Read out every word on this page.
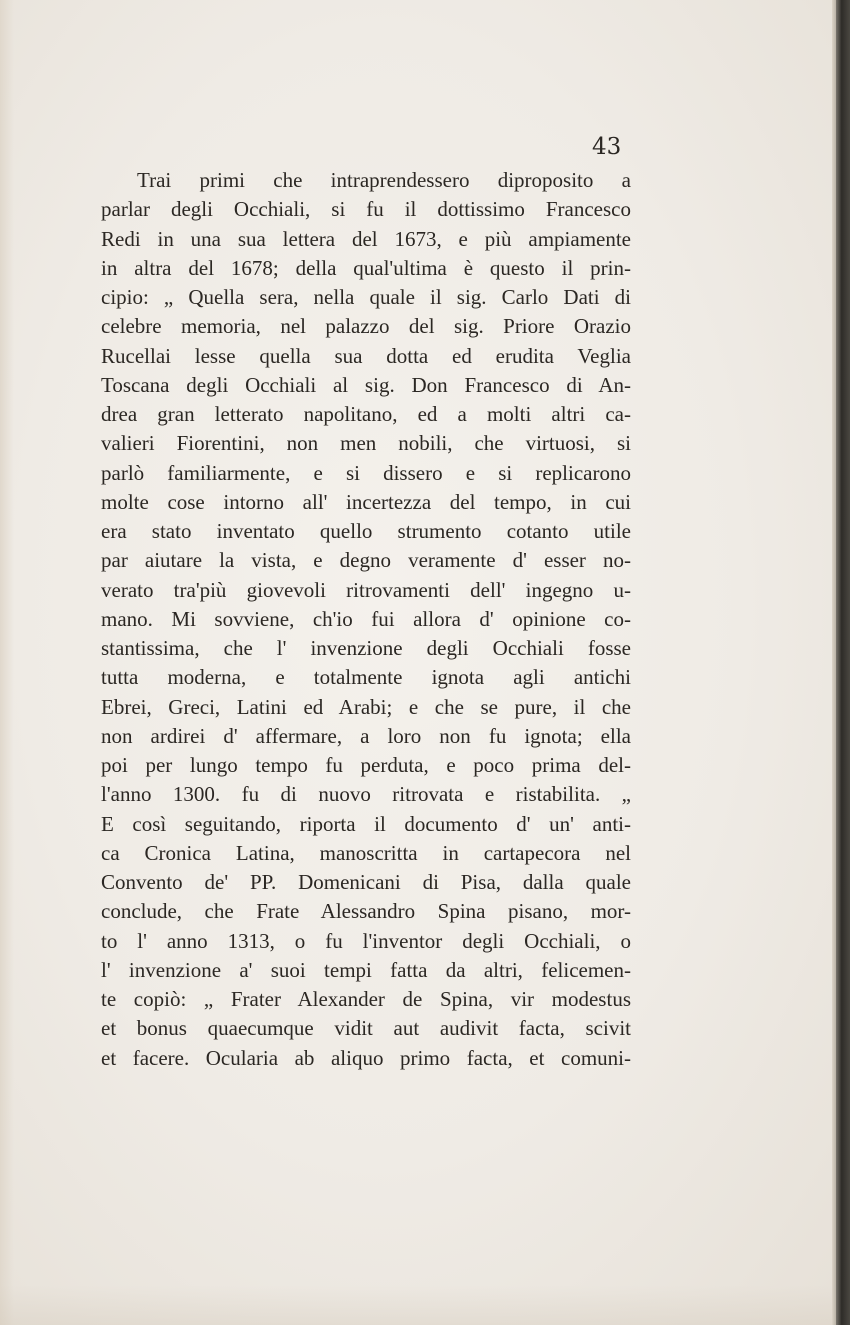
43

Trai primi che intraprendessero diproposito a
parlar degli Occhiali, si fu il dottissimo Francesco
Redi in una sua lettera del 1673, e più ampiamente
in altra del 1678; della qual'ultima è questo il prin-
cipio: „ Quella sera, nella quale il sig. Carlo Dati di
celebre memoria, nel palazzo del sig. Priore Orazio
Rucellai lesse quella sua dotta ed erudita Veglia
Toscana degli Occhiali al sig. Don Francesco di An-
drea gran letterato napolitano, ed a molti altri ca-
valieri Fiorentini, non men nobili, che virtuosi, si
parlò familiarmente, e si dissero e si replicarono
molte cose intorno all' incertezza del tempo, in cui
era stato inventato quello strumento cotanto utile
par aiutare la vista, e degno veramente d' esser no-
verato tra'più giovevoli ritrovamenti dell' ingegno u-
mano. Mi sovviene, ch'io fui allora d' opinione co-
stantissima, che l' invenzione degli Occhiali fosse
tutta moderna, e totalmente ignota agli antichi
Ebrei, Greci, Latini ed Arabi; e che se pure, il che
non ardirei d' affermare, a loro non fu ignota; ella
poi per lungo tempo fu perduta, e poco prima del-
l'anno 1300. fu di nuovo ritrovata e ristabilita. „
E così seguitando, riporta il documento d' un' anti-
ca Cronica Latina, manoscritta in cartapecora nel
Convento de' PP. Domenicani di Pisa, dalla quale
conclude, che Frate Alessandro Spina pisano, mor-
to l' anno 1313, o fu l'inventor degli Occhiali, o
l' invenzione a' suoi tempi fatta da altri, felicemen-
te copiò: „ Frater Alexander de Spina, vir modestus
et bonus quaecumque vidit aut audivit facta, scivit
et facere. Ocularia ab aliquo primo facta, et comuni-
